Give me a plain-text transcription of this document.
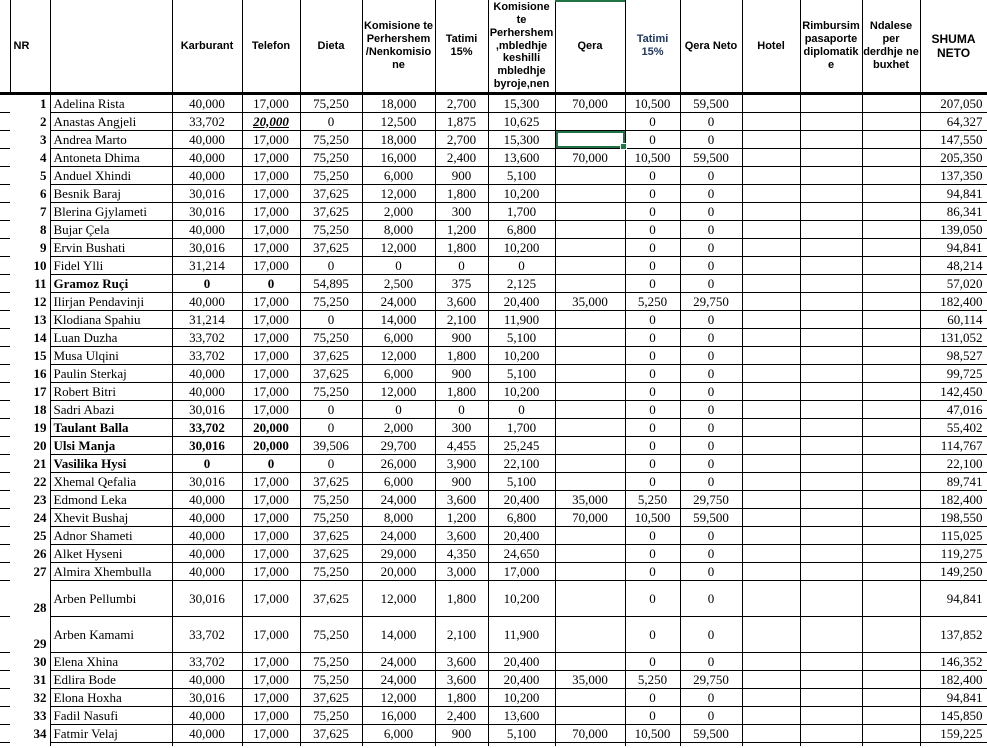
	NR		Karburant	Telefon	Dieta	Komisione te Perhershem /Nenkomisione	Tatimi 15%	Komisione te Perhershem,mbledhje keshilli mbledhje byroje,nen	Qera	Tatimi 15%	Qera Neto	Hotel	Rimbursim pasaporte diplomatike	Ndalese per derdhje ne buxhet	SHUMA NETO
	1	Adelina Rista	40,000	17,000	75,250	18,000	2,700	15,300	70,000	10,500	59,500				207,050
	2	Anastas Angjeli	33,702	20,000	0	12,500	1,875	10,625		0	0				64,327
	3	Andrea Marto	40,000	17,000	75,250	18,000	2,700	15,300		0	0				147,550
	4	Antoneta Dhima	40,000	17,000	75,250	16,000	2,400	13,600	70,000	10,500	59,500				205,350
	5	Anduel Xhindi	40,000	17,000	75,250	6,000	900	5,100		0	0				137,350
	6	Besnik Baraj	30,016	17,000	37,625	12,000	1,800	10,200		0	0				94,841
	7	Blerina Gjylameti	30,016	17,000	37,625	2,000	300	1,700		0	0				86,341
	8	Bujar Çela	40,000	17,000	75,250	8,000	1,200	6,800		0	0				139,050
	9	Ervin Bushati	30,016	17,000	37,625	12,000	1,800	10,200		0	0				94,841
	10	Fidel Ylli	31,214	17,000	0	0	0	0		0	0				48,214
	11	Gramoz Ruçi	0	0	54,895	2,500	375	2,125		0	0				57,020
	12	Ilirjan Pendavinji	40,000	17,000	75,250	24,000	3,600	20,400	35,000	5,250	29,750				182,400
	13	Klodiana Spahiu	31,214	17,000	0	14,000	2,100	11,900		0	0				60,114
	14	Luan Duzha	33,702	17,000	75,250	6,000	900	5,100		0	0				131,052
	15	Musa Ulqini	33,702	17,000	37,625	12,000	1,800	10,200		0	0				98,527
	16	Paulin Sterkaj	40,000	17,000	37,625	6,000	900	5,100		0	0				99,725
	17	Robert Bitri	40,000	17,000	75,250	12,000	1,800	10,200		0	0				142,450
	18	Sadri Abazi	30,016	17,000	0	0	0	0		0	0				47,016
	19	Taulant Balla	33,702	20,000	0	2,000	300	1,700		0	0				55,402
	20	Ulsi Manja	30,016	20,000	39,506	29,700	4,455	25,245		0	0				114,767
	21	Vasilika Hysi	0	0	0	26,000	3,900	22,100		0	0				22,100
	22	Xhemal Qefalia	30,016	17,000	37,625	6,000	900	5,100		0	0				89,741
	23	Edmond Leka	40,000	17,000	75,250	24,000	3,600	20,400	35,000	5,250	29,750				182,400
	24	Xhevit Bushaj	40,000	17,000	75,250	8,000	1,200	6,800	70,000	10,500	59,500				198,550
	25	Adnor Shameti	40,000	17,000	37,625	24,000	3,600	20,400		0	0				115,025
	26	Alket Hyseni	40,000	17,000	37,625	29,000	4,350	24,650		0	0				119,275
	27	Almira Xhembulla	40,000	17,000	75,250	20,000	3,000	17,000		0	0				149,250
	28	Arben Pellumbi	30,016	17,000	37,625	12,000	1,800	10,200		0	0				94,841
	29	Arben Kamami	33,702	17,000	75,250	14,000	2,100	11,900		0	0				137,852
	30	Elena Xhina	33,702	17,000	75,250	24,000	3,600	20,400		0	0				146,352
	31	Edlira Bode	40,000	17,000	75,250	24,000	3,600	20,400	35,000	5,250	29,750				182,400
	32	Elona Hoxha	30,016	17,000	37,625	12,000	1,800	10,200		0	0				94,841
	33	Fadil Nasufi	40,000	17,000	75,250	16,000	2,400	13,600		0	0				145,850
	34	Fatmir Velaj	40,000	17,000	37,625	6,000	900	5,100	70,000	10,500	59,500				159,225
